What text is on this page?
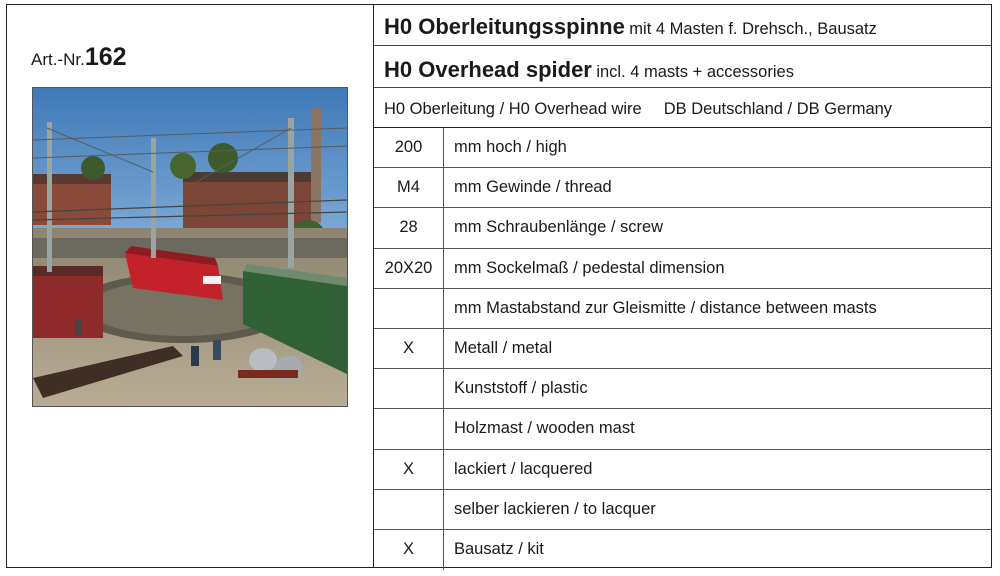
Art.-Nr.162
H0 Oberleitungsspinne mit 4 Masten f. Drehsch., Bausatz
H0 Overhead spider incl. 4 masts + accessories
H0 Oberleitung / H0 Overhead wire DB Deutschland / DB Germany
200	mm hoch / high
M4	mm Gewinde / thread
28	mm Schraubenlänge / screw
20X20	mm Sockelmaß / pedestal dimension
mm Mastabstand zur Gleismitte / distance between masts
X	Metall / metal
Kunststoff / plastic
Holzmast / wooden mast
X	lackiert / lacquered
selber lackieren / to lacquer
X	Bausatz / kit
